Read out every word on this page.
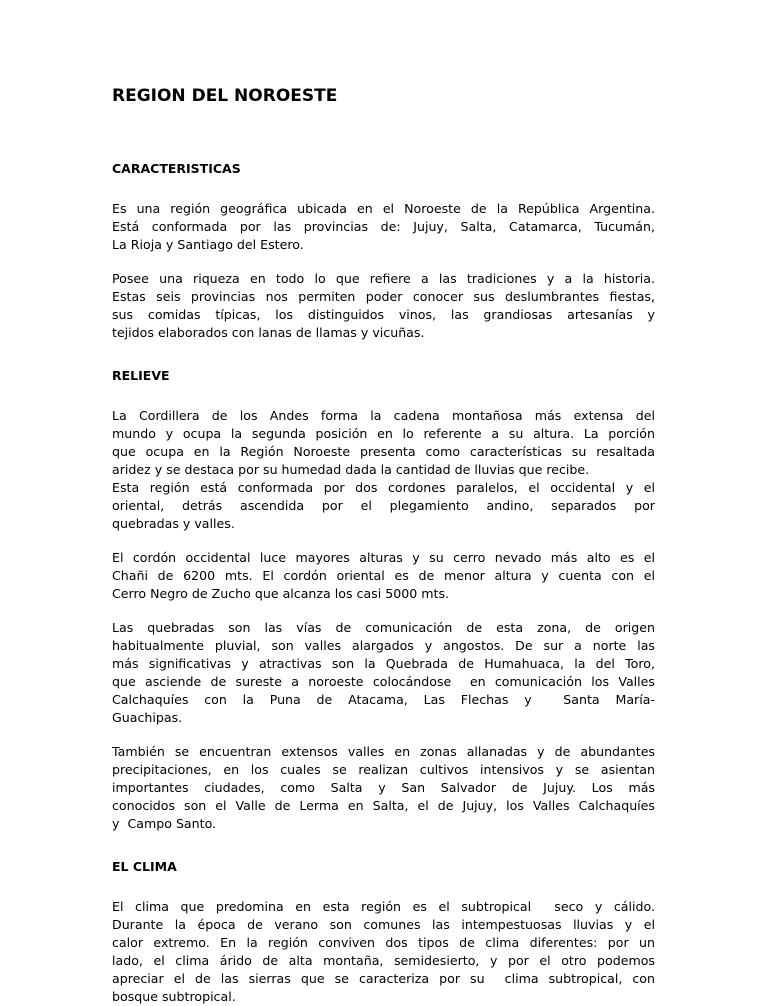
REGION DEL NOROESTE
CARACTERISTICAS

Es una región geográfica ubicada en el Noroeste de la República Argentina.
Está conformada por las provincias de: Jujuy, Salta, Catamarca, Tucumán,
La Rioja y Santiago del Estero.

Posee una riqueza en todo lo que refiere a las tradiciones y a la historia.
Estas seis provincias nos permiten poder conocer sus deslumbrantes fiestas,
sus comidas típicas, los distinguidos vinos, las grandiosas artesanías y
tejidos elaborados con lanas de llamas y vicuñas.

RELIEVE

La Cordillera de los Andes forma la cadena montañosa más extensa del
mundo y ocupa la segunda posición en lo referente a su altura. La porción
que ocupa en la Región Noroeste presenta como características su resaltada
aridez y se destaca por su humedad dada la cantidad de lluvias que recibe.
Esta región está conformada por dos cordones paralelos, el occidental y el
oriental, detrás ascendida por el plegamiento andino, separados por
quebradas y valles.

El cordón occidental luce mayores alturas y su cerro nevado más alto es el
Chañi de 6200 mts. El cordón oriental es de menor altura y cuenta con el
Cerro Negro de Zucho que alcanza los casi 5000 mts.

Las quebradas son las vías de comunicación de esta zona, de origen
habitualmente pluvial, son valles alargados y angostos. De sur a norte las
más significativas y atractivas son la Quebrada de Humahuaca, la del Toro,
que asciende de sureste a noroeste colocándose  en comunicación los Valles
Calchaquíes con la Puna de Atacama, Las Flechas y  Santa María-
Guachipas.

También se encuentran extensos valles en zonas allanadas y de abundantes
precipitaciones, en los cuales se realizan cultivos intensivos y se asientan
importantes ciudades, como Salta y San Salvador de Jujuy. Los más
conocidos son el Valle de Lerma en Salta, el de Jujuy, los Valles Calchaquíes
y  Campo Santo.

EL CLIMA

El clima que predomina en esta región es el subtropical  seco y cálido.
Durante la época de verano son comunes las intempestuosas lluvias y el
calor extremo. En la región conviven dos tipos de clima diferentes: por un
lado, el clima árido de alta montaña, semidesierto, y por el otro podemos
apreciar el de las sierras que se caracteriza por su  clima subtropical, con
bosque subtropical.
